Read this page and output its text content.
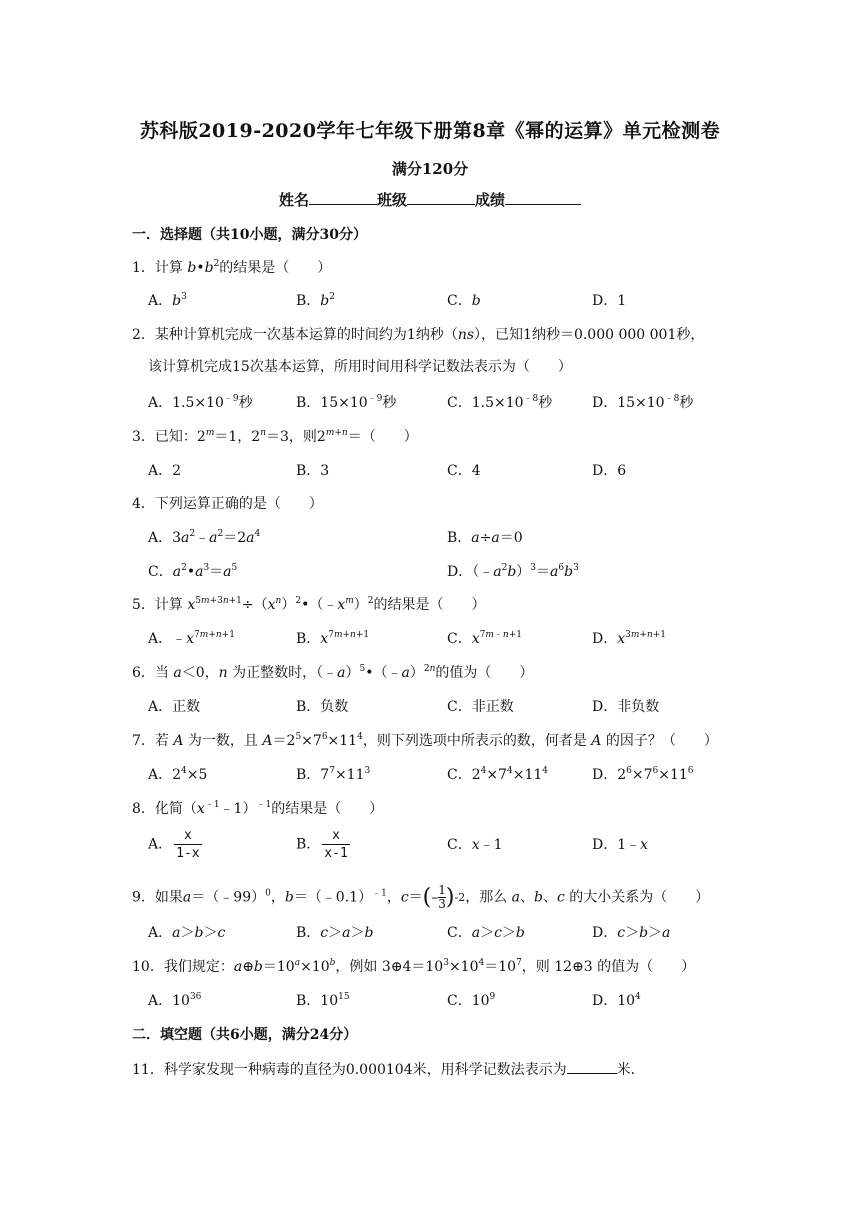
苏科版2019-2020学年七年级下册第8章《幂的运算》单元检测卷
满分120分
姓名	班级	成绩
一．选择题（共10小题，满分30分）
1．计算 $b•b^2$的结果是（　　）
A．$b^3$	B．$b^2$	C．b	D．1
2．某种计算机完成一次基本运算的时间约为1纳秒（ns），已知1纳秒＝0.000 000 001秒，
该计算机完成15次基本运算，所用时间用科学记数法表示为（　　）
A．$1.5\times 10^{﹣9}$秒	B．$15\times 10^{﹣9}$秒	C．$1.5\times 10^{﹣8}$秒	D．$15\times 10^{﹣8}$秒
3．已知：$2^m=1$，$2^n=3$，则$2^{m+n}=$（　　）
A．2	B．3	C．4	D．6
4．下列运算正确的是（　　）
A．$3a^2﹣a^2=2a^4$	B．a÷a＝0
C．$a^2•a^3=a^5$	D．$(﹣a^2b)^3=a^6b^3$
5．计算 $x^{5m+3n+1}\div(x^n)^2•(﹣x^m)^2$的结果是（　　）
A．$﹣x^{7m+n+1}$	B．$x^{7m+n+1}$	C．$x^{7m﹣n+1}$	D．$x^{3m+n+1}$
6．当 a＜0，n 为正整数时，（﹣a）$^5$•（﹣a）$^{2n}$的值为（　　）
A．正数	B．负数	C．非正数	D．非负数
7．若 A 为一数，且 $A=2^5\times 7^6\times 11^4$，则下列选项中所表示的数，何者是 A 的因子？（　　）
A．$2^4\times 5$	B．$7^7\times 11^3$	C．$2^4\times 7^4\times 11^4$	D．$2^6\times 7^6\times 11^6$
8．化简$(x^{﹣1}﹣1)^{﹣1}$的结果是（　　）
A． $\frac{x}{1-x}$	B． $\frac{x}{x-1}$	C．x﹣1	D．1﹣x
9．如果a＝（﹣99）$^0$，b＝（﹣0.1）$^{﹣1}$，c＝ ( – $\frac{1}{3}$ ) -2 ，那么 a、b、c 的大小关系为（　　）
A．a＞b＞c	B．c＞a＞b	C．a＞c＞b	D．c＞b＞a
10．我们规定：$a\oplus b=10^a\times 10^b$，例如 $3\oplus 4=10^3\times 10^4=10^7$，则 12⊕3 的值为（　　）
A．$10^{36}$	B．$10^{15}$	C．$10^9$	D．$10^4$
二．填空题（共6小题，满分24分）
11．科学家发现一种病毒的直径为0.000104米，用科学记数法表示为	米．
